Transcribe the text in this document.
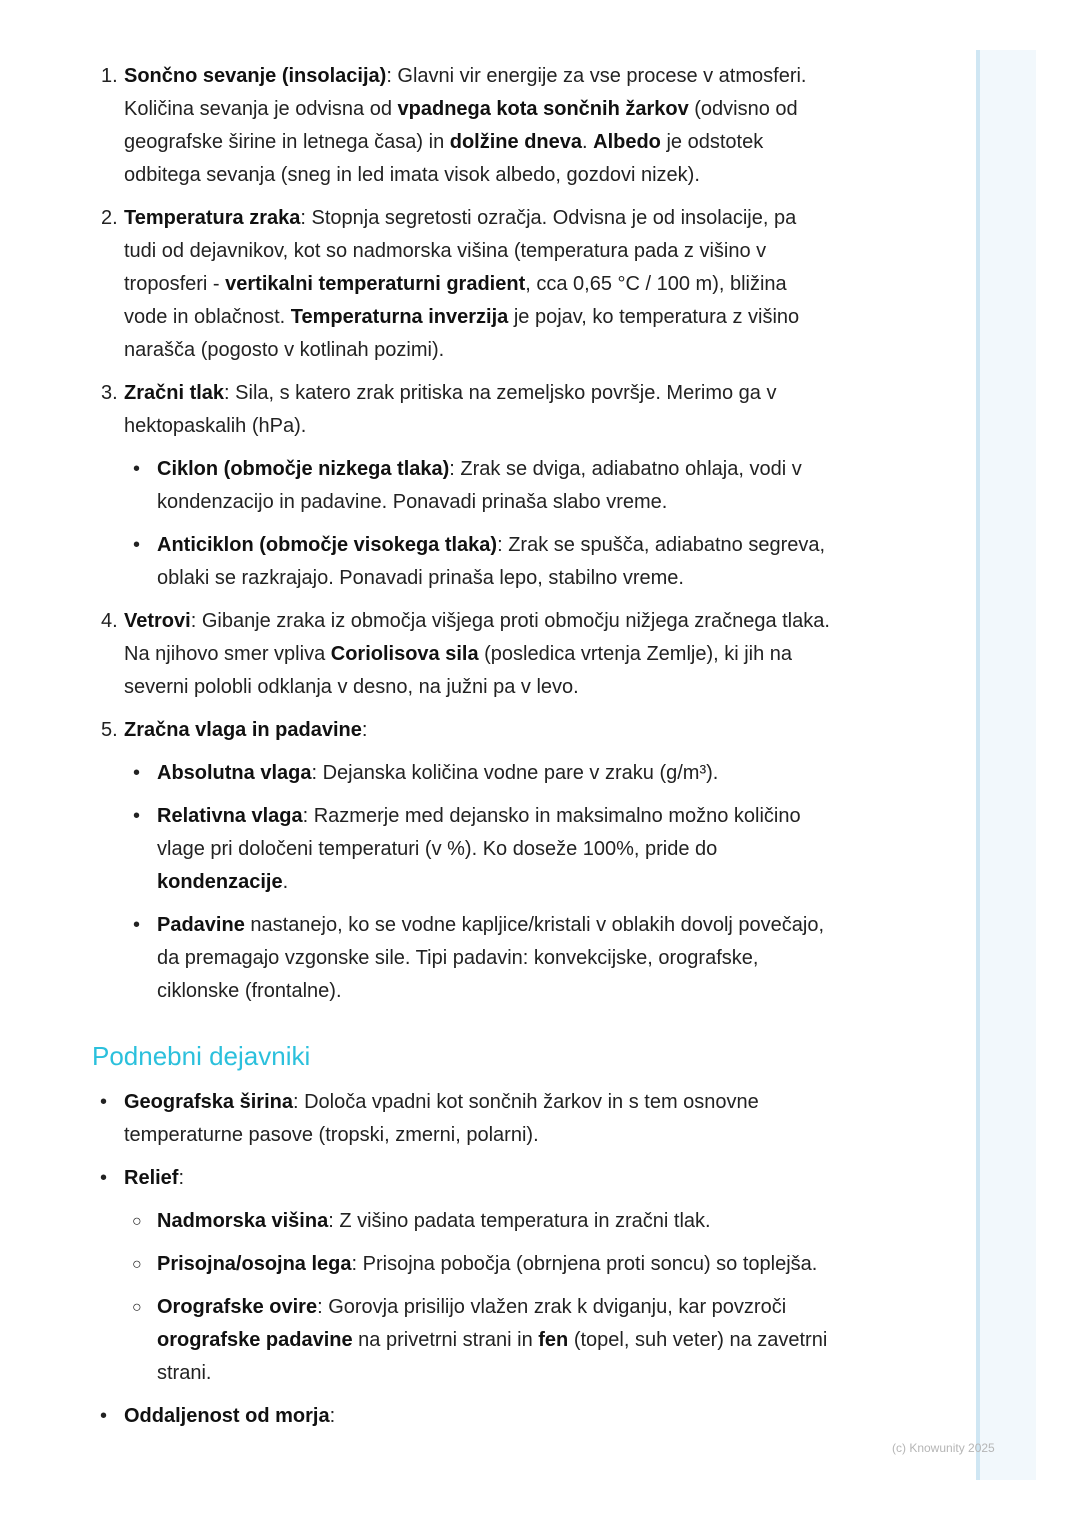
1. Sončno sevanje (insolacija): Glavni vir energije za vse procese v atmosferi. Količina sevanja je odvisna od vpadnega kota sončnih žarkov (odvisno od geografske širine in letnega časa) in dolžine dneva. Albedo je odstotek odbitega sevanja (sneg in led imata visok albedo, gozdovi nizek).
2. Temperatura zraka: Stopnja segretosti ozračja. Odvisna je od insolacije, pa tudi od dejavnikov, kot so nadmorska višina (temperatura pada z višino v troposferi - vertikalni temperaturni gradient, cca 0,65 °C / 100 m), bližina vode in oblačnost. Temperaturna inverzija je pojav, ko temperatura z višino narašča (pogosto v kotlinah pozimi).
3. Zračni tlak: Sila, s katero zrak pritiska na zemeljsko površje. Merimo ga v hektopaskalih (hPa).
• Ciklon (območje nizkega tlaka): Zrak se dviga, adiabatno ohlaja, vodi v kondenzacijo in padavine. Ponavadi prinaša slabo vreme.
• Anticiklon (območje visokega tlaka): Zrak se spušča, adiabatno segreva, oblaki se razkrajajo. Ponavadi prinaša lepo, stabilno vreme.
4. Vetrovi: Gibanje zraka iz območja višjega proti območju nižjega zračnega tlaka. Na njihovo smer vpliva Coriolisova sila (posledica vrtenja Zemlje), ki jih na severni polobli odklanja v desno, na južni pa v levo.
5. Zračna vlaga in padavine:
• Absolutna vlaga: Dejanska količina vodne pare v zraku (g/m³).
• Relativna vlaga: Razmerje med dejansko in maksimalno možno količino vlage pri določeni temperaturi (v %). Ko doseže 100%, pride do kondenzacije.
• Padavine nastanejo, ko se vodne kapljice/kristali v oblakih dovolj povečajo, da premagajo vzgonske sile. Tipi padavin: konvekcijske, orografske, ciklonske (frontalne).
Podnebni dejavniki
• Geografska širina: Določa vpadni kot sončnih žarkov in s tem osnovne temperaturne pasove (tropski, zmerni, polarni).
• Relief:
○ Nadmorska višina: Z višino padata temperatura in zračni tlak.
○ Prisojna/osojna lega: Prisojna pobočja (obrnjena proti soncu) so toplejša.
○ Orografske ovire: Gorovja prisilijo vlažen zrak k dviganju, kar povzroči orografske padavine na privetrni strani in fen (topel, suh veter) na zavetrni strani.
• Oddaljenost od morja:
(c) Knowunity 2025
